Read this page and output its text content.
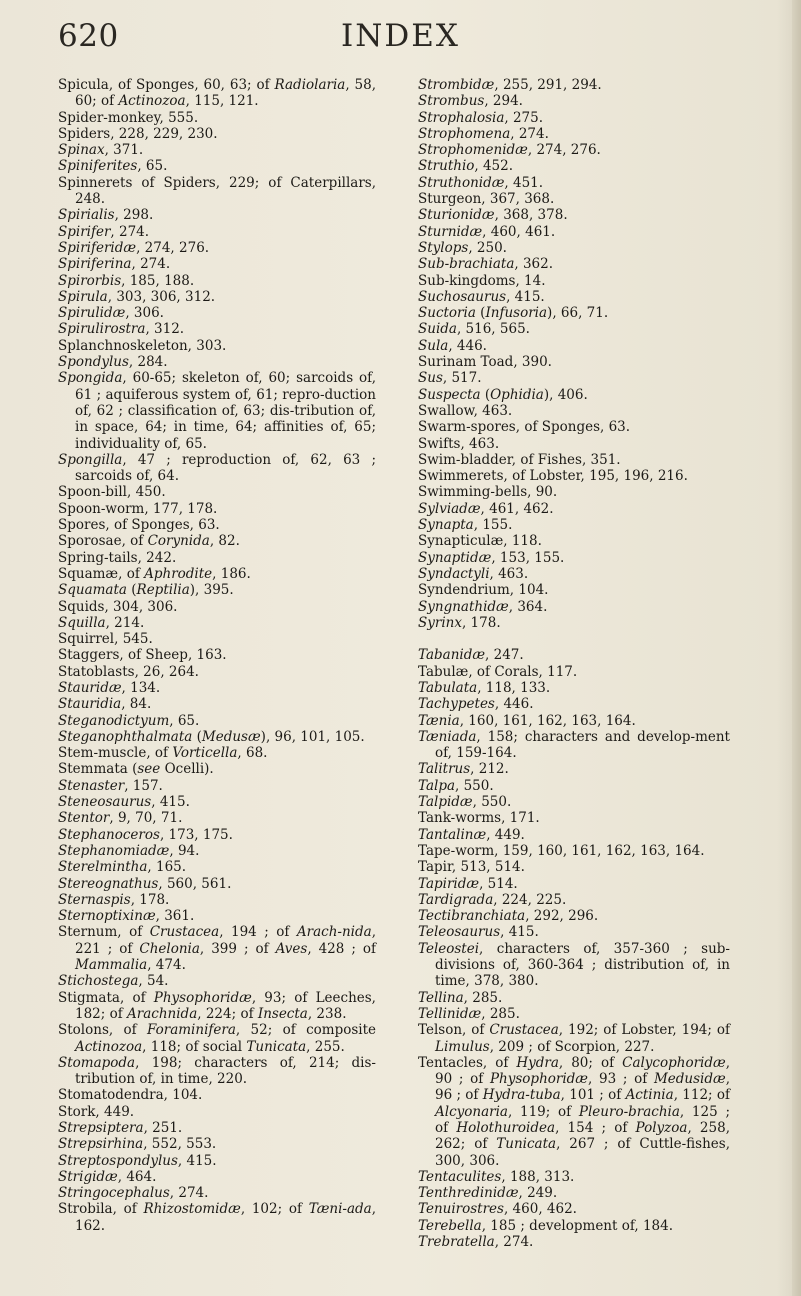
620	INDEX
Spicula, of Sponges, 60, 63; of Radiolaria, 58, 60; of Actinozoa, 115, 121.
Spider-monkey, 555.
Spiders, 228, 229, 230.
Spinax, 371.
Spiniferites, 65.
Spinnerets of Spiders, 229; of Caterpillars, 248.
Spirialis, 298.
Spirifer, 274.
Spiriferidæ, 274, 276.
Spiriferina, 274.
Spirorbis, 185, 188.
Spirula, 303, 306, 312.
Spirulidæ, 306.
Spirulirostra, 312.
Splanchnoskeleton, 303.
Spondylus, 284.
Spongida, 60-65; skeleton of, 60; sarcoids of, 61 ; aquiferous system of, 61; repro-duction of, 62 ; classification of, 63; dis-tribution of, in space, 64; in time, 64; affinities of, 65; individuality of, 65.
Spongilla, 47 ; reproduction of, 62, 63 ; sarcoids of, 64.
Spoon-bill, 450.
Spoon-worm, 177, 178.
Spores, of Sponges, 63.
Sporosae, of Corynida, 82.
Spring-tails, 242.
Squamæ, of Aphrodite, 186.
Squamata (Reptilia), 395.
Squids, 304, 306.
Squilla, 214.
Squirrel, 545.
Staggers, of Sheep, 163.
Statoblasts, 26, 264.
Stauridæ, 134.
Stauridia, 84.
Steganodictyum, 65.
Steganophthalmata (Medusæ), 96, 101, 105.
Stem-muscle, of Vorticella, 68.
Stemmata (see Ocelli).
Stenaster, 157.
Steneosaurus, 415.
Stentor, 9, 70, 71.
Stephanoceros, 173, 175.
Stephanomiadæ, 94.
Sterelmintha, 165.
Stereognathus, 560, 561.
Sternaspis, 178.
Sternoptixinæ, 361.
Sternum, of Crustacea, 194 ; of Arach-nida, 221 ; of Chelonia, 399 ; of Aves, 428 ; of Mammalia, 474.
Stichostega, 54.
Stigmata, of Physophoridæ, 93; of Leeches, 182; of Arachnida, 224; of Insecta, 238.
Stolons, of Foraminifera, 52; of composite Actinozoa, 118; of social Tunicata, 255.
Stomapoda, 198; characters of, 214; dis-tribution of, in time, 220.
Stomatodendra, 104.
Stork, 449.
Strepsiptera, 251.
Strepsirhina, 552, 553.
Streptospondylus, 415.
Strigidæ, 464.
Stringocephalus, 274.
Strobila, of Rhizostomidæ, 102; of Tæni-ada, 162.
Strombidæ, 255, 291, 294.
Strombus, 294.
Strophalosia, 275.
Strophomena, 274.
Strophomenidæ, 274, 276.
Struthio, 452.
Struthonidæ, 451.
Sturgeon, 367, 368.
Sturionidæ, 368, 378.
Sturnidæ, 460, 461.
Stylops, 250.
Sub-brachiata, 362.
Sub-kingdoms, 14.
Suchosaurus, 415.
Suctoria (Infusoria), 66, 71.
Suida, 516, 565.
Sula, 446.
Surinam Toad, 390.
Sus, 517.
Suspecta (Ophidia), 406.
Swallow, 463.
Swarm-spores, of Sponges, 63.
Swifts, 463.
Swim-bladder, of Fishes, 351.
Swimmerets, of Lobster, 195, 196, 216.
Swimming-bells, 90.
Sylviadæ, 461, 462.
Synapta, 155.
Synapticulæ, 118.
Synaptidæ, 153, 155.
Syndactyli, 463.
Syndendrium, 104.
Syngnathidæ, 364.
Syrinx, 178.
Tabanidæ, 247.
Tabulæ, of Corals, 117.
Tabulata, 118, 133.
Tachypetes, 446.
Tænia, 160, 161, 162, 163, 164.
Tæniada, 158; characters and develop-ment of, 159-164.
Talitrus, 212.
Talpa, 550.
Talpidæ, 550.
Tank-worms, 171.
Tantalinæ, 449.
Tape-worm, 159, 160, 161, 162, 163, 164.
Tapir, 513, 514.
Tapiridæ, 514.
Tardigrada, 224, 225.
Tectibranchiata, 292, 296.
Teleosaurus, 415.
Teleostei, characters of, 357-360 ; sub-divisions of, 360-364 ; distribution of, in time, 378, 380.
Tellina, 285.
Tellinidæ, 285.
Telson, of Crustacea, 192; of Lobster, 194; of Limulus, 209 ; of Scorpion, 227.
Tentacles, of Hydra, 80; of Calycophoridæ, 90 ; of Physophoridæ, 93 ; of Medusidæ, 96 ; of Hydra-tuba, 101 ; of Actinia, 112; of Alcyonaria, 119; of Pleuro-brachia, 125 ; of Holothuroidea, 154 ; of Polyzoa, 258, 262; of Tunicata, 267 ; of Cuttle-fishes, 300, 306.
Tentaculites, 188, 313.
Tenthredinidæ, 249.
Tenuirostres, 460, 462.
Terebella, 185 ; development of, 184.
Trebratella, 274.
